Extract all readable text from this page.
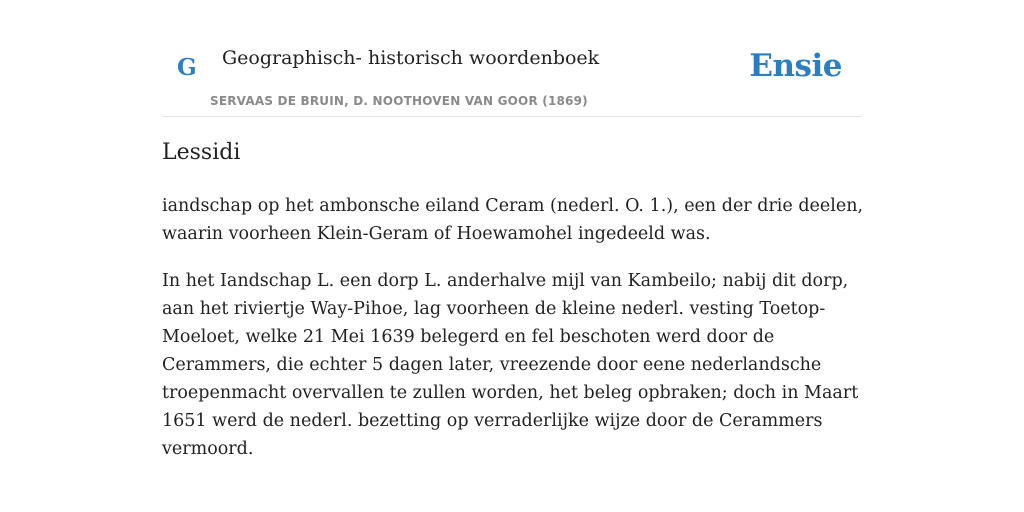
G Geographisch- historisch woordenboek
SERVAAS DE BRUIN, D. NOOTHOVEN VAN GOOR (1869)
Ensie
Lessidi

iandschap op het ambonsche eiland Ceram (nederl. O. 1.), een der drie deelen, waarin voorheen Klein-Geram of Hoewamohel ingedeeld was.

In het Iandschap L. een dorp L. anderhalve mijl van Kambeilo; nabij dit dorp, aan het riviertje Way-Pihoe, lag voorheen de kleine nederl. vesting Toetop-Moeloet, welke 21 Mei 1639 belegerd en fel beschoten werd door de Cerammers, die echter 5 dagen later, vreezende door eene nederlandsche troepenmacht overvallen te zullen worden, het beleg opbraken; doch in Maart 1651 werd de nederl. bezetting op verraderlijke wijze door de Cerammers vermoord.
